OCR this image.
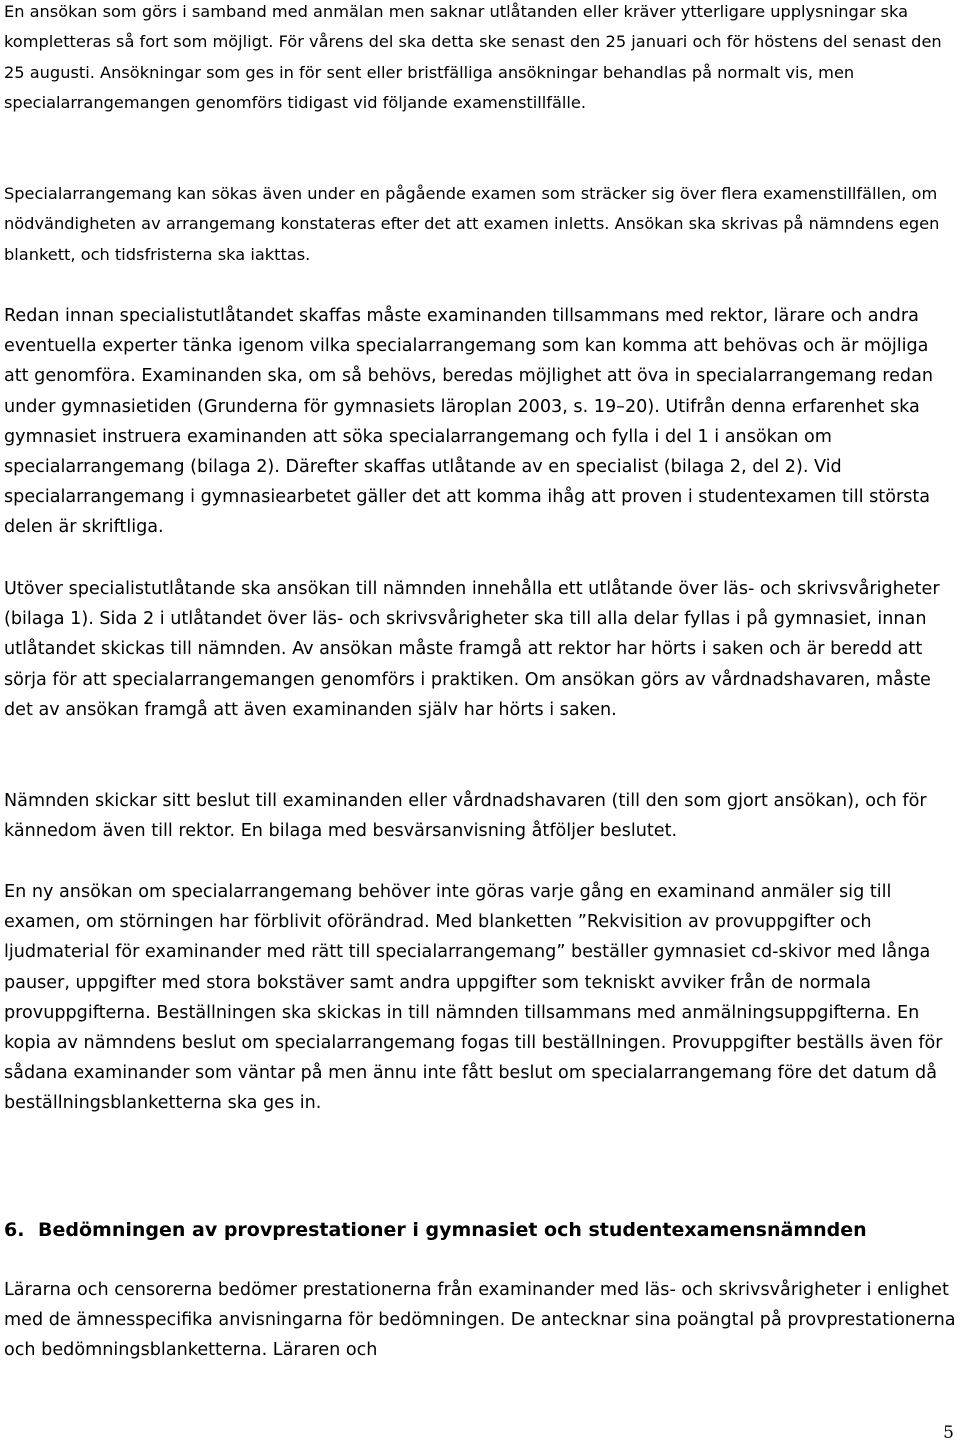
En ansökan som görs i samband med anmälan men saknar utlåtanden eller kräver ytterligare upplysningar ska kompletteras så fort som möjligt. För vårens del ska detta ske senast den 25 januari och för höstens del senast den 25 augusti. Ansökningar som ges in för sent eller bristfälliga ansökningar behandlas på normalt vis, men specialarrangemangen genomförs tidigast vid följande examenstillfälle.

Specialarrangemang kan sökas även under en pågående examen som sträcker sig över flera examenstillfällen, om nödvändigheten av arrangemang konstateras efter det att examen inletts. Ansökan ska skrivas på nämndens egen blankett, och tidsfristerna ska iakttas.

Redan innan specialistutlåtandet skaffas måste examinanden tillsammans med rektor, lärare och andra eventuella experter tänka igenom vilka specialarrangemang som kan komma att behövas och är möjliga att genomföra. Examinanden ska, om så behövs, beredas möjlighet att öva in specialarrangemang redan under gymnasietiden (Grunderna för gymnasiets läroplan 2003, s. 19–20). Utifrån denna erfarenhet ska gymnasiet instruera examinanden att söka specialarrangemang och fylla i del 1 i ansökan om specialarrangemang (bilaga 2). Därefter skaffas utlåtande av en specialist (bilaga 2, del 2). Vid specialarrangemang i gymnasiearbetet gäller det att komma ihåg att proven i studentexamen till största delen är skriftliga.

Utöver specialistutlåtande ska ansökan till nämnden innehålla ett utlåtande över läs- och skrivsvårigheter (bilaga 1). Sida 2 i utlåtandet över läs- och skrivsvårigheter ska till alla delar fyllas i på gymnasiet, innan utlåtandet skickas till nämnden. Av ansökan måste framgå att rektor har hörts i saken och är beredd att sörja för att specialarrangemangen genomförs i praktiken. Om ansökan görs av vårdnadshavaren, måste det av ansökan framgå att även examinanden själv har hörts i saken.

Nämnden skickar sitt beslut till examinanden eller vårdnadshavaren (till den som gjort ansökan), och för kännedom även till rektor. En bilaga med besvärsanvisning åtföljer beslutet.

En ny ansökan om specialarrangemang behöver inte göras varje gång en examinand anmäler sig till examen, om störningen har förblivit oförändrad. Med blanketten ”Rekvisition av provuppgifter och ljudmaterial för examinander med rätt till specialarrangemang” beställer gymnasiet cd-skivor med långa pauser, uppgifter med stora bokstäver samt andra uppgifter som tekniskt avviker från de normala provuppgifterna. Beställningen ska skickas in till nämnden tillsammans med anmälningsuppgifterna. En kopia av nämndens beslut om specialarrangemang fogas till beställningen. Provuppgifter beställs även för sådana examinander som väntar på men ännu inte fått beslut om specialarrangemang före det datum då beställningsblanketterna ska ges in.

6. Bedömningen av provprestationer i gymnasiet och studentexamensnämnden

Lärarna och censorerna bedömer prestationerna från examinander med läs- och skrivsvårigheter i enlighet med de ämnesspecifika anvisningarna för bedömningen. De antecknar sina poängtal på provprestationerna och bedömningsblanketterna. Läraren och

5
